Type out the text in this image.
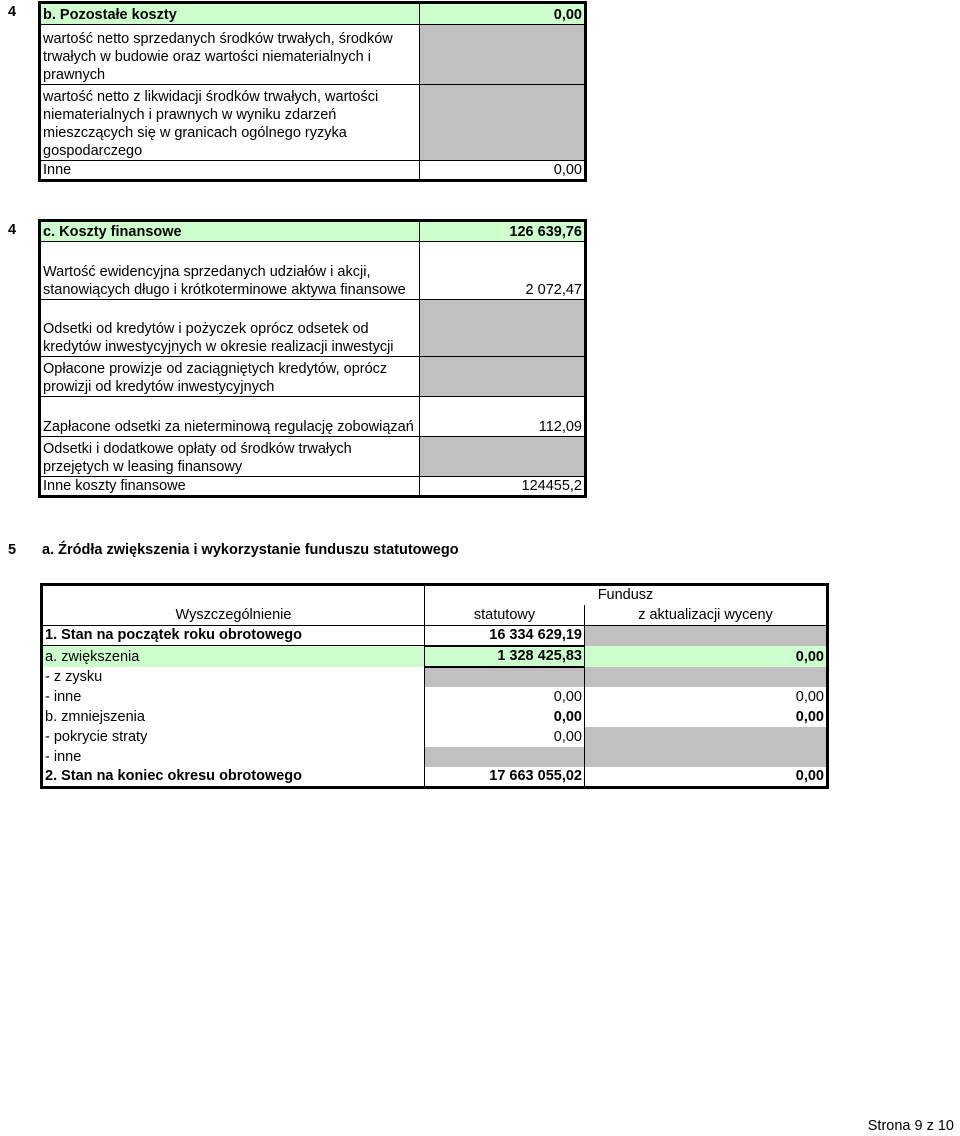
4 b. Pozostałe koszty	0,00
wartość netto sprzedanych środków trwałych, środków trwałych w budowie oraz wartości niematerialnych i prawnych	
wartość netto z likwidacji środków trwałych, wartości niematerialnych i prawnych w wyniku zdarzeń mieszczących się w granicach ogólnego ryzyka gospodarczego	
Inne	0,00
4 c. Koszty finansowe	126 639,76
Wartość ewidencyjna sprzedanych udziałów i akcji, stanowiących długo i krótkoterminowe aktywa finansowe	2 072,47
Odsetki od kredytów i pożyczek oprócz odsetek od kredytów inwestycyjnych w okresie realizacji inwestycji	
Opłacone prowizje od zaciągniętych kredytów, oprócz prowizji od kredytów inwestycyjnych	
Zapłacone odsetki za nieterminową regulację zobowiązań	112,09
Odsetki i dodatkowe opłaty od środków trwałych przejętych w leasing finansowy	
Inne koszty finansowe	124455,2
5 a. Źródła zwiększenia i wykorzystanie funduszu statutowego
	Fundusz	
Wyszczególnienie	statutowy	z aktualizacji wyceny
1. Stan na początek roku obrotowego	16 334 629,19	
a. zwiększenia	1 328 425,83	0,00
- z zysku		
- inne	0,00	0,00
b. zmniejszenia	0,00	0,00
- pokrycie straty	0,00	
- inne		
2. Stan na koniec okresu obrotowego	17 663 055,02	0,00
Strona 9 z 10
